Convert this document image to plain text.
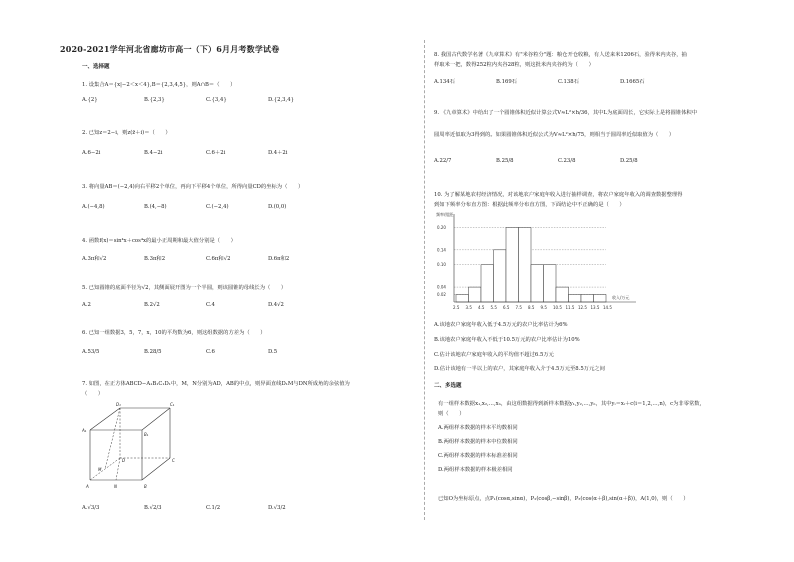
2020-2021学年河北省廊坊市高一（下）6月月考数学试卷
一、选择题
1. 设集合A＝{x|−2＜x＜4},B＝{2,3,4,5}，则A∩B＝（　　）
A.{2}	B.{2,3}	C.{3,4}	D.{2,3,4}
2. 已知z＝2−i，则z(z̄＋i)＝（　　）
A.6−2i	B.4−2i	C.6＋2i	D.4＋2i
3. 将向量AB＝(−2,4)向右平移2个单位，再向下平移4个单位，所得向量CD的坐标为（　　）
A.(−4,8)	B.(4,−8)	C.(−2,4)	D.(0,0)
4. 函数f(x)＝sin⁴x＋cos⁴x的最小正周期和最大值分别是（　　）
A.3π和√2	B.3π和2	C.6π和√2	D.6π和2
5. 已知圆锥的底面半径为√2，其侧面展开图为一个半圆，则该圆锥的母线长为（　　）
A.2	B.2√2	C.4	D.4√2
6. 已知一组数据3，5，7，x，10的平均数为6，则这组数据的方差为（　　）
A.53/5	B.28/5	C.6	D.5
7. 如图，在正方体ABCD−A₁B₁C₁D₁中，M，N分别为AD，AB的中点，则异面直线D₁M与DN所成角的余弦值为
（　　）
D₁	C₁
A₁
B₁
D	C
M
A	N	B
A.√3/3	B.√2/3	C.1/2	D.√3/2
8. 我国古代数学名著《九章算术》有"米谷粒分"题：粮仓开仓收粮，有人送来米1206石，验得米内夹谷，抽
样取米一把，数得252粒内夹谷28粒，则这批米内夹谷约为（　　）
A.134石	B.169石	C.138石	D.1665石
9. 《九章算术》中给出了一个圆锥体积近似计算公式V≈L²×h/36，其中L为底面周长，它实际上是将圆锥体积中
圆周率近似取为3得到的。如果圆锥体积近似公式为V≈L²×h/75，则相当于圆周率近似取值为（　　）
A.22/7	B.25/8	C.23/8	D.25/8
10. 为了解某地农村经济情况，对该地农户家庭年收入进行抽样调查，将农户家庭年收入的调查数据整理得
到如下频率分布直方图：根据此频率分布直方图，下面结论中不正确的是（　　）
0.20
0.14
0.10
0.04
0.02
2.5 3.5 4.5 5.5 6.5 7.5 8.5 9.5 10.5 11.5 12.5 13.5 14.5
频率/组距
收入/万元
A.该地农户家庭年收入低于4.5万元的农户比率估计为6%
B.该地农户家庭年收入不低于10.5万元的农户比率估计为10%
C.估计该地农户家庭年收入的平均值不超过6.5万元
D.估计该地有一半以上的农户，其家庭年收入介于4.5万元至8.5万元之间
二、多选题
有一组样本数据x₁,x₂,…,xₙ，由这组数据得到新样本数据y₁,y₂,…,yₙ，其中yᵢ＝xᵢ＋c(i＝1,2,…,n)，c为非零常数，
则（　　）
A.两组样本数据的样本平均数相同
B.两组样本数据的样本中位数相同
C.两组样本数据的样本标准差相同
D.两组样本数据的样本极差相同
已知O为坐标原点，点P₁(cosα,sinα)，P₂(cosβ,−sinβ)，P₃(cos(α＋β),sin(α＋β))，A(1,0)，则（　　）
